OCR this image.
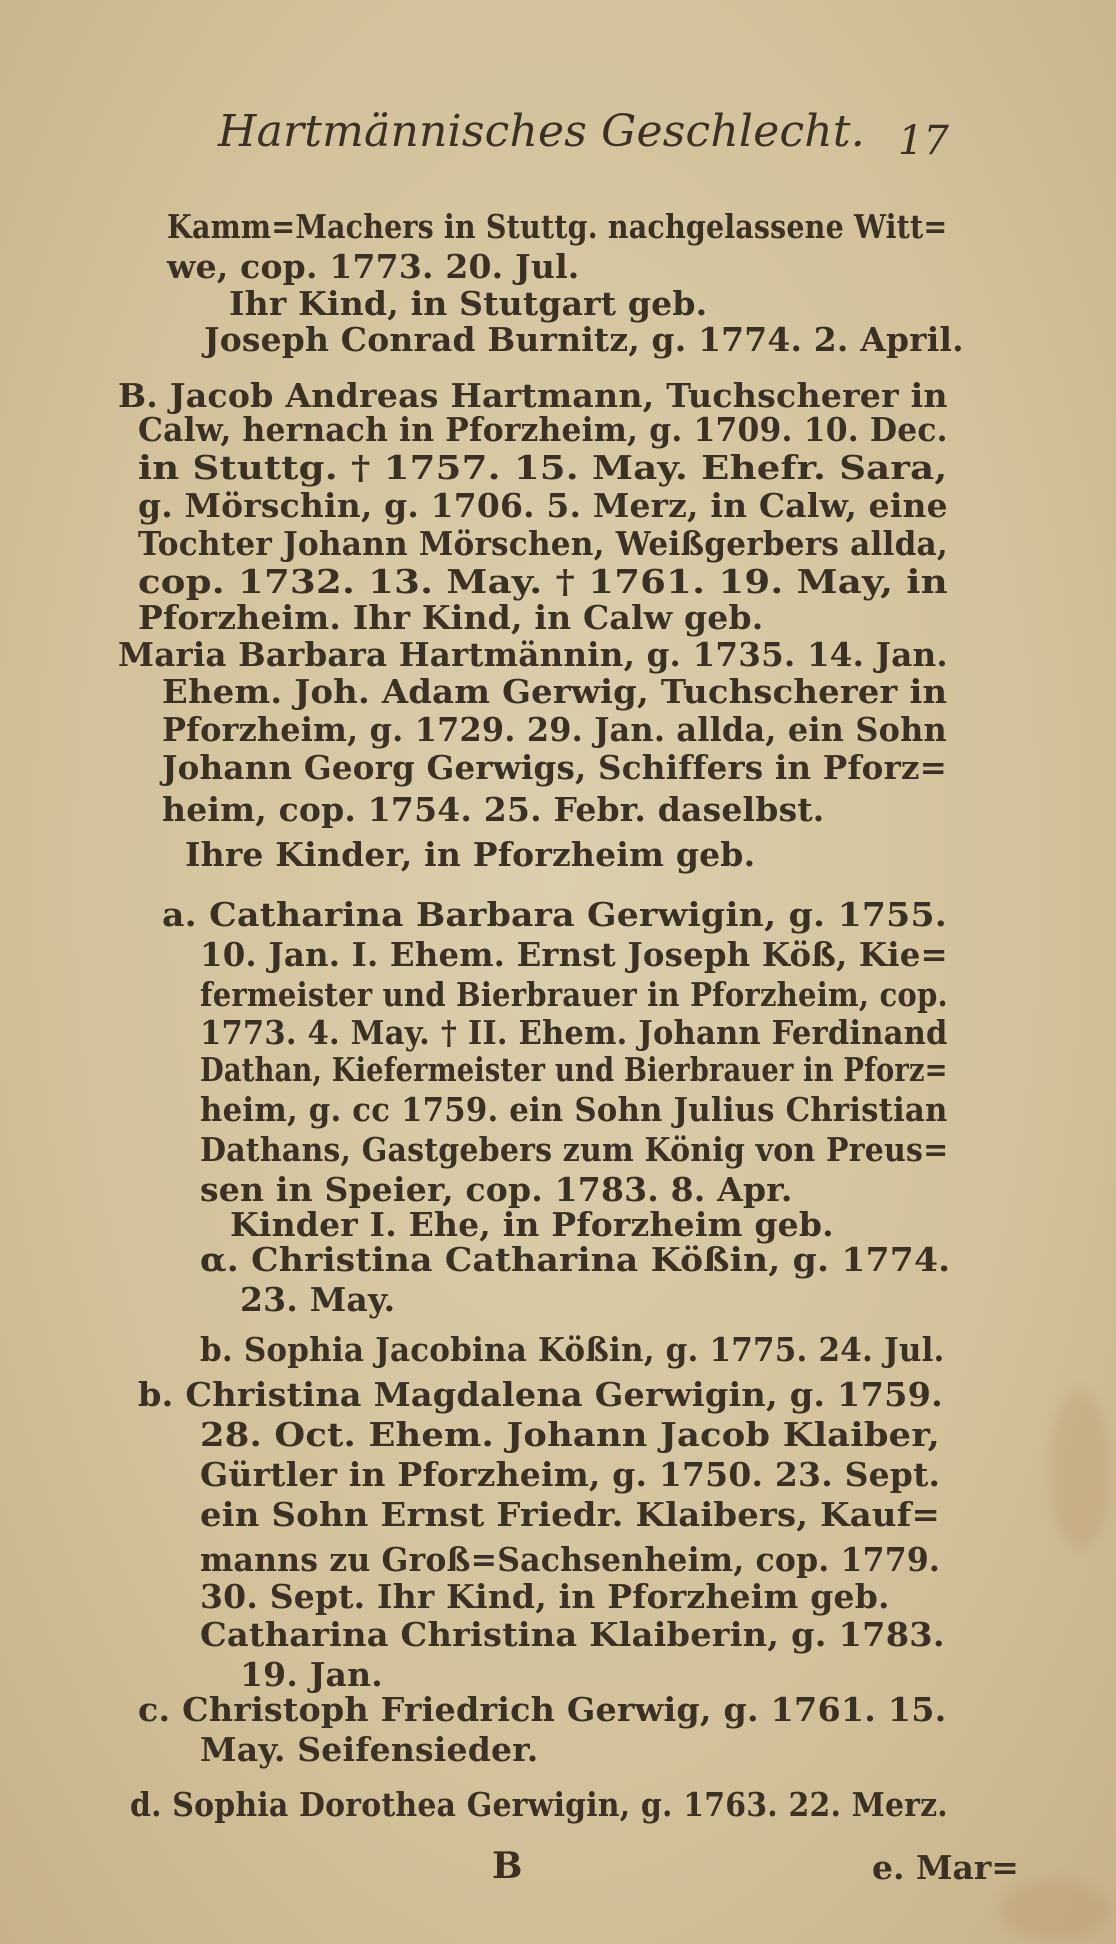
Hartmännisches Geschlecht. 17
Kamm=Machers in Stuttg. nachgelassene Witt=
we, cop. 1773. 20. Jul.
Ihr Kind, in Stutgart geb.
Joseph Conrad Burnitz, g. 1774. 2. April.
B. Jacob Andreas Hartmann, Tuchscherer in
Calw, hernach in Pforzheim, g. 1709. 10. Dec.
in Stuttg. † 1757. 15. May. Ehefr. Sara,
g. Mörschin, g. 1706. 5. Merz, in Calw, eine
Tochter Johann Mörschen, Weißgerbers allda,
cop. 1732. 13. May. † 1761. 19. May, in
Pforzheim. Ihr Kind, in Calw geb.
Maria Barbara Hartmännin, g. 1735. 14. Jan.
Ehem. Joh. Adam Gerwig, Tuchscherer in
Pforzheim, g. 1729. 29. Jan. allda, ein Sohn
Johann Georg Gerwigs, Schiffers in Pforz=
heim, cop. 1754. 25. Febr. daselbst.
Ihre Kinder, in Pforzheim geb.
a. Catharina Barbara Gerwigin, g. 1755.
10. Jan. I. Ehem. Ernst Joseph Köß, Kie=
fermeister und Bierbrauer in Pforzheim, cop.
1773. 4. May. † II. Ehem. Johann Ferdinand
Dathan, Kiefermeister und Bierbrauer in Pforz=
heim, g. cc 1759. ein Sohn Julius Christian
Dathans, Gastgebers zum König von Preus=
sen in Speier, cop. 1783. 8. Apr.
Kinder I. Ehe, in Pforzheim geb.
α. Christina Catharina Kößin, g. 1774.
23. May.
b. Sophia Jacobina Kößin, g. 1775. 24. Jul.
b. Christina Magdalena Gerwigin, g. 1759.
28. Oct. Ehem. Johann Jacob Klaiber,
Gürtler in Pforzheim, g. 1750. 23. Sept.
ein Sohn Ernst Friedr. Klaibers, Kauf=
manns zu Groß=Sachsenheim, cop. 1779.
30. Sept. Ihr Kind, in Pforzheim geb.
Catharina Christina Klaiberin, g. 1783.
19. Jan.
c. Christoph Friedrich Gerwig, g. 1761. 15.
May. Seifensieder.
d. Sophia Dorothea Gerwigin, g. 1763. 22. Merz.
B	e. Mar=
